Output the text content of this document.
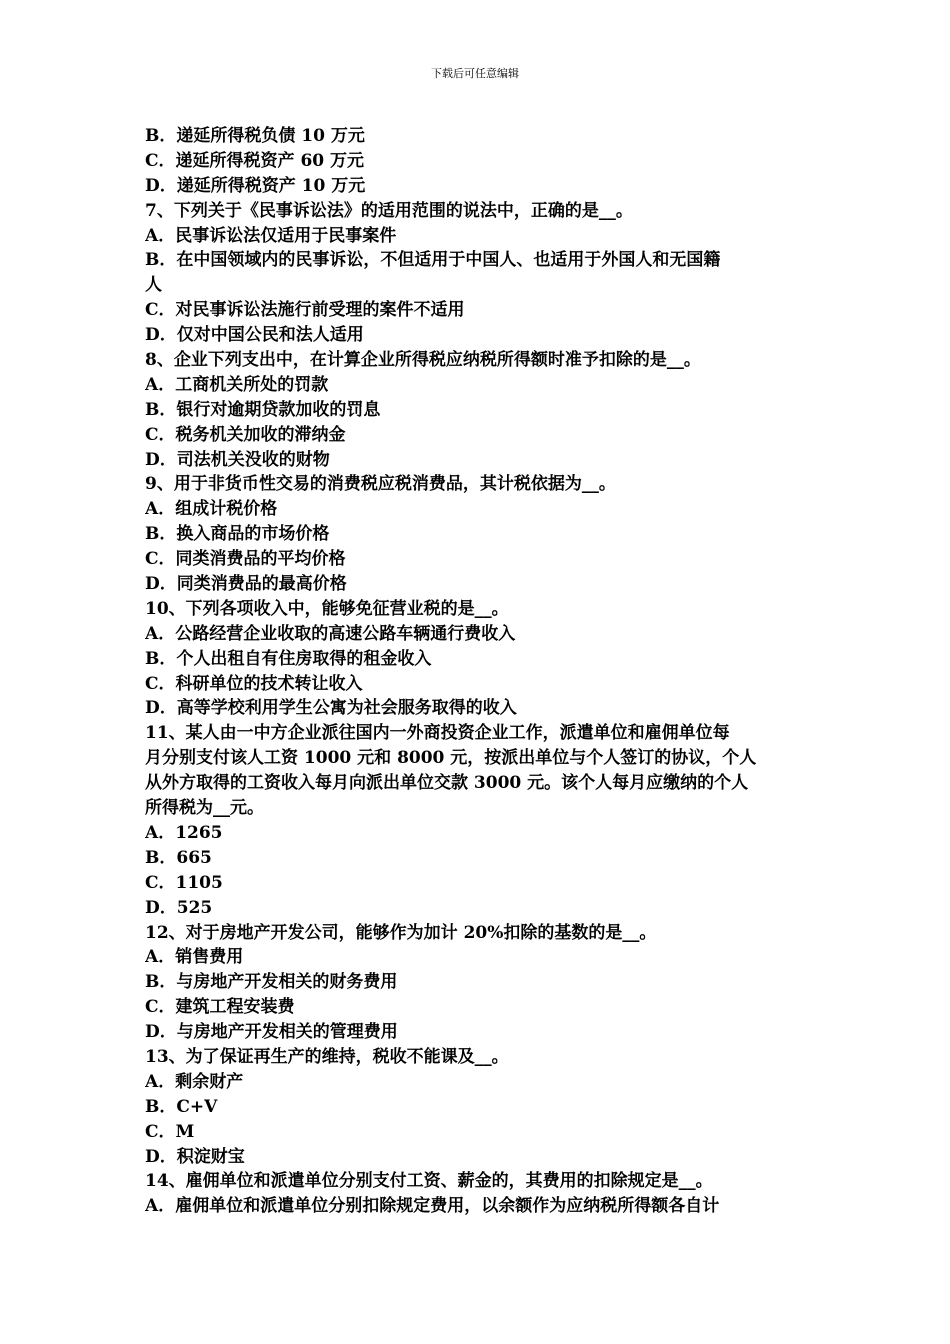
下载后可任意编辑
B．递延所得税负债 10 万元
C．递延所得税资产 60 万元
D．递延所得税资产 10 万元
7、下列关于《民事诉讼法》的适用范围的说法中，正确的是__。
A．民事诉讼法仅适用于民事案件
B．在中国领域内的民事诉讼，不但适用于中国人、也适用于外国人和无国籍
人
C．对民事诉讼法施行前受理的案件不适用
D．仅对中国公民和法人适用
8、企业下列支出中，在计算企业所得税应纳税所得额时准予扣除的是__。
A．工商机关所处的罚款
B．银行对逾期贷款加收的罚息
C．税务机关加收的滞纳金
D．司法机关没收的财物
9、用于非货币性交易的消费税应税消费品，其计税依据为__。
A．组成计税价格
B．换入商品的市场价格
C．同类消费品的平均价格
D．同类消费品的最高价格
10、下列各项收入中，能够免征营业税的是__。
A．公路经营企业收取的高速公路车辆通行费收入
B．个人出租自有住房取得的租金收入
C．科研单位的技术转让收入
D．高等学校利用学生公寓为社会服务取得的收入
11、某人由一中方企业派往国内一外商投资企业工作，派遣单位和雇佣单位每
月分别支付该人工资 1000 元和 8000 元，按派出单位与个人签订的协议，个人
从外方取得的工资收入每月向派出单位交款 3000 元。该个人每月应缴纳的个人
所得税为__元。
A．1265
B．665
C．1105
D．525
12、对于房地产开发公司，能够作为加计 20%扣除的基数的是__。
A．销售费用
B．与房地产开发相关的财务费用
C．建筑工程安装费
D．与房地产开发相关的管理费用
13、为了保证再生产的维持，税收不能课及__。
A．剩余财产
B．C+V
C．M
D．积淀财宝
14、雇佣单位和派遣单位分别支付工资、薪金的，其费用的扣除规定是__。
A．雇佣单位和派遣单位分别扣除规定费用，以余额作为应纳税所得额各自计
